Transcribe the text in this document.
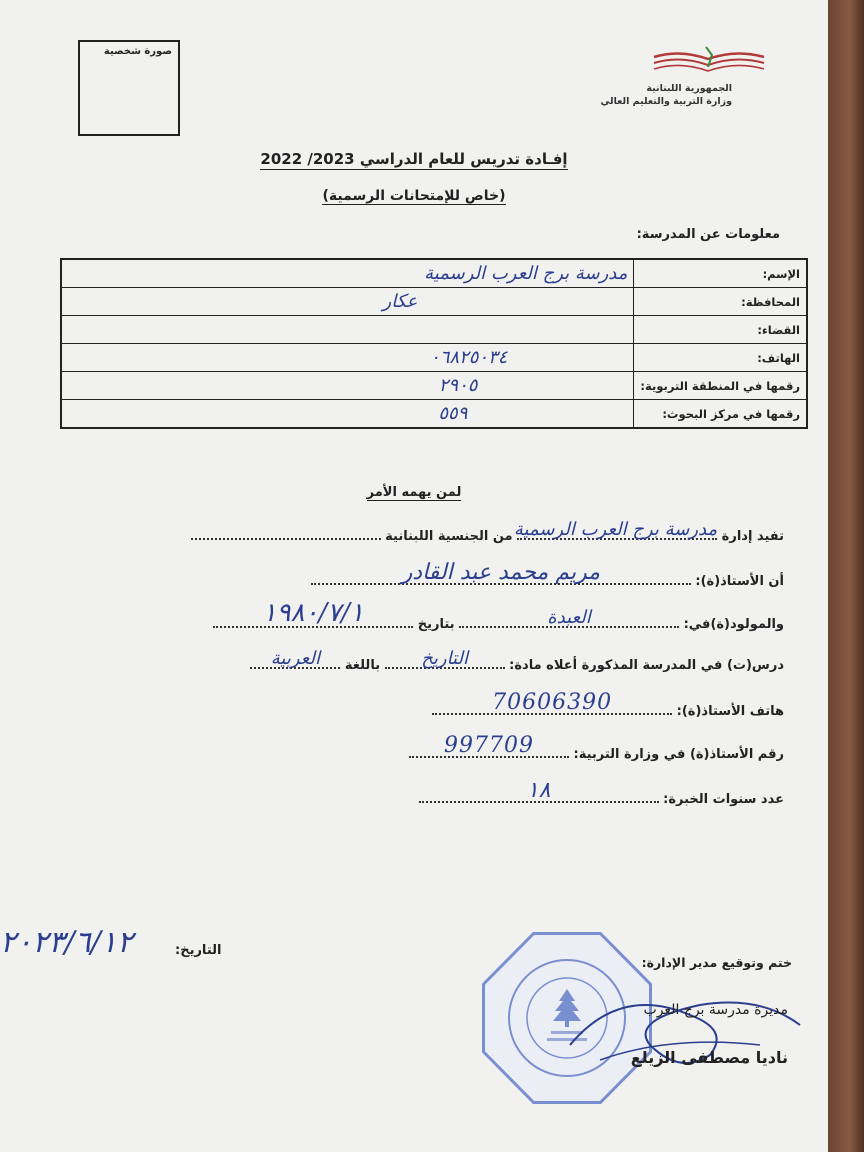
صورة شخصية
الجمهورية اللبنانية
وزارة التربية والتعليم العالي
إفـادة تدريس للعام الدراسي 2023/ 2022
(خاص للإمتحانات الرسمية)
معلومات عن المدرسة:
الإسم:	مدرسة برج العرب الرسمية
المحافظة:	عكار
القضاء:	
الهاتف:	٠٦٨٢٥٠٣٤
رقمها في المنطقة التربوية:	٢٩٠٥
رقمها في مركز البحوث:	٥٥٩
لمن يهمه الأمر
تفيد إدارة
مدرسة برج العرب الرسمية
من الجنسية اللبنانية
أن الأستاذ(ة):
مريم محمد عبد القادر
والمولود(ة)في:
العبدة
بتاريخ
١٩٨٠/٧/١
درس(ت) في المدرسة المذكورة أعلاه مادة:
التاريخ
باللغة
العربية
هاتف الأستاذ(ة):
70606390
رقم الأستاذ(ة) في وزارة التربية:
997709
عدد سنوات الخبرة:
١٨
التاريخ:
٢٠٢٣/٦/١٢
ختم وتوقيع مدير الإدارة:
مديرة مدرسة برج العرب
ناديا مصطفى الزيلع
